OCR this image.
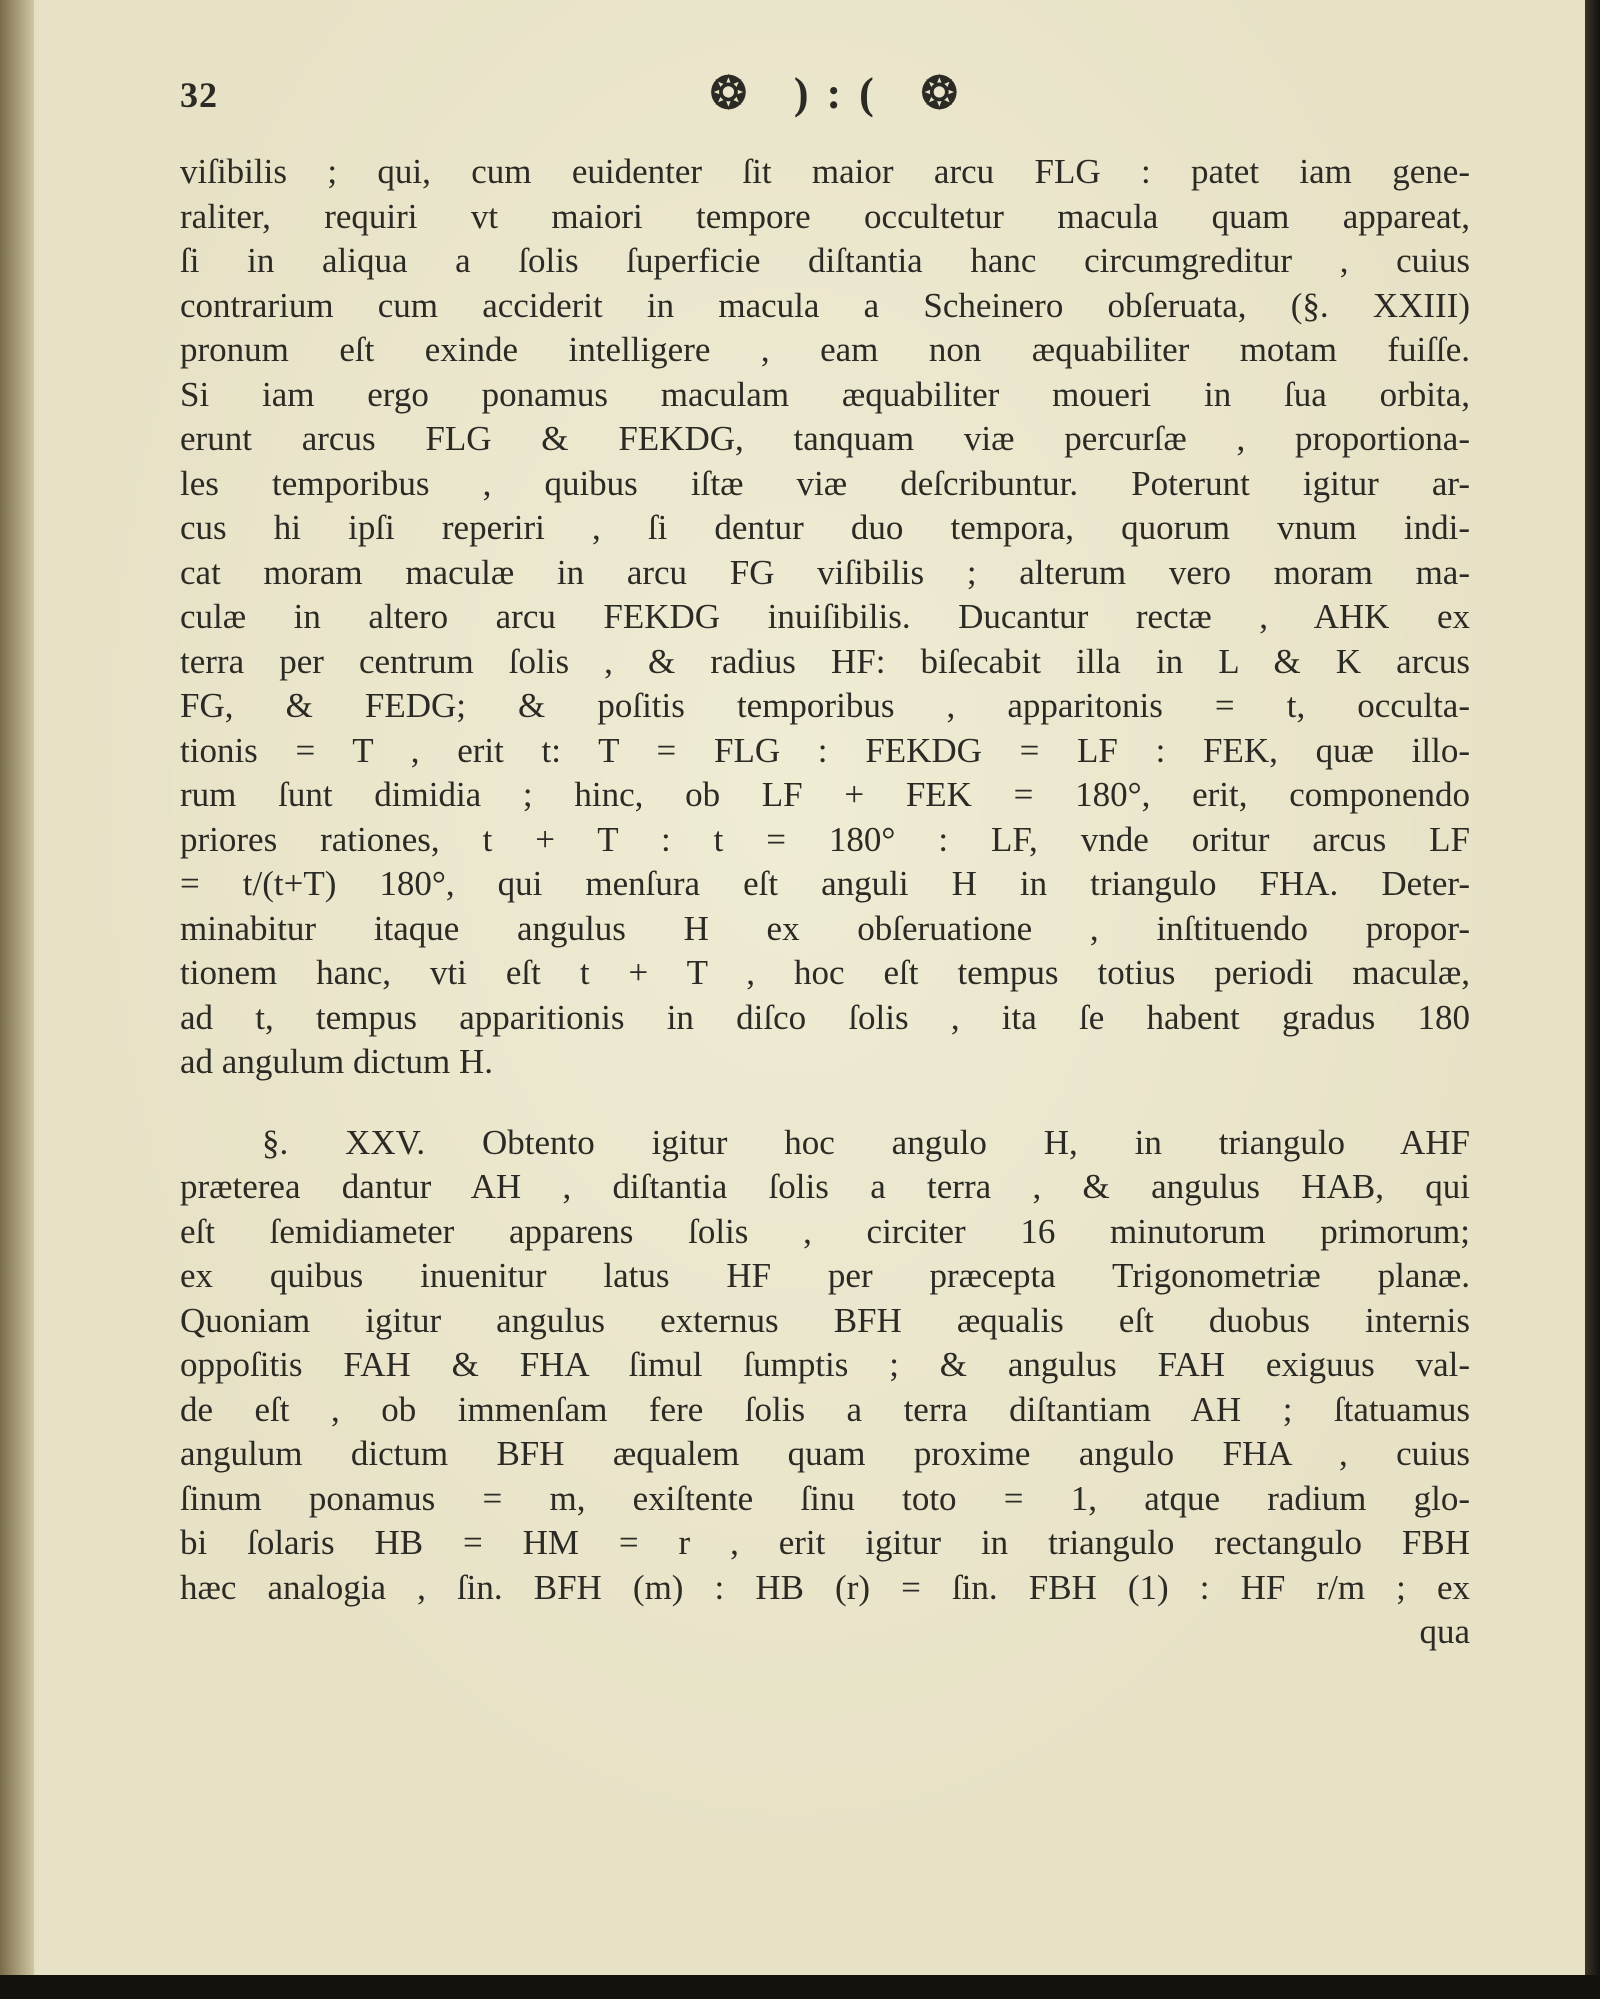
32	❂ ):( ❂
viſibilis ; qui, cum euidenter ſit maior arcu FLG : patet iam gene-
raliter, requiri vt maiori tempore occultetur macula quam appareat,
ſi in aliqua a ſolis ſuperficie diſtantia hanc circumgreditur , cuius
contrarium cum acciderit in macula a Scheinero obſeruata, (§. XXIII)
pronum eſt exinde intelligere , eam non æquabiliter motam fuiſſe.
Si iam ergo ponamus maculam æquabiliter moueri in ſua orbita,
erunt arcus FLG & FEKDG, tanquam viæ percurſæ , proportiona-
les temporibus , quibus iſtæ viæ deſcribuntur. Poterunt igitur ar-
cus hi ipſi reperiri , ſi dentur duo tempora, quorum vnum indi-
cat moram maculæ in arcu FG viſibilis ; alterum vero moram ma-
culæ in altero arcu FEKDG inuiſibilis. Ducantur rectæ , AHK ex
terra per centrum ſolis , & radius HF: biſecabit illa in L & K arcus
FG, & FEDG; & poſitis temporibus , apparitonis = t, occulta-
tionis = T , erit t: T = FLG : FEKDG = LF : FEK, quæ illo-
rum ſunt dimidia ; hinc, ob LF + FEK = 180°, erit, componendo
priores rationes, t + T : t = 180° : LF, vnde oritur arcus LF
= t/(t+T) 180°, qui menſura eſt anguli H in triangulo FHA. Deter-
minabitur itaque angulus H ex obſeruatione , inſtituendo propor-
tionem hanc, vti eſt t + T , hoc eſt tempus totius periodi maculæ,
ad t, tempus apparitionis in diſco ſolis , ita ſe habent gradus 180
ad angulum dictum H.
§. XXV. Obtento igitur hoc angulo H, in triangulo AHF
præterea dantur AH , diſtantia ſolis a terra , & angulus HAB, qui
eſt ſemidiameter apparens ſolis , circiter 16 minutorum primorum;
ex quibus inuenitur latus HF per præcepta Trigonometriæ planæ.
Quoniam igitur angulus externus BFH æqualis eſt duobus internis
oppoſitis FAH & FHA ſimul ſumptis ; & angulus FAH exiguus val-
de eſt , ob immenſam fere ſolis a terra diſtantiam AH ; ſtatuamus
angulum dictum BFH æqualem quam proxime angulo FHA , cuius
ſinum ponamus = m, exiſtente ſinu toto = 1, atque radium glo-
bi ſolaris HB = HM = r , erit igitur in triangulo rectangulo FBH
hæc analogia , ſin. BFH (m) : HB (r) = ſin. FBH (1) : HF r/m ; ex
qua
